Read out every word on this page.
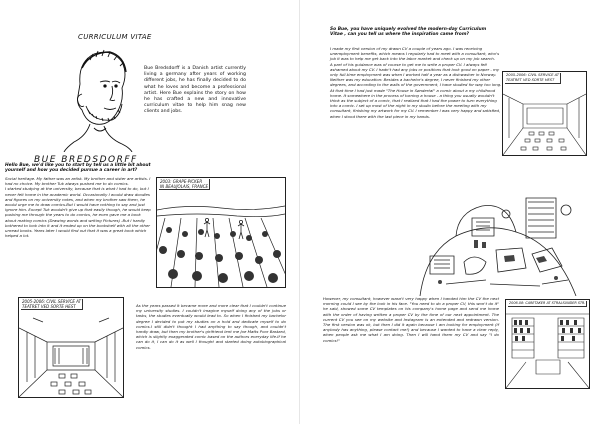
CURRICULUM VITAE
Bue Bredsdorff is a Danish artist currently living a germany after years of working different jobs, he has finally decided to do what he loves and become a professional artist. Here Bue explains the story on how he has crafted a new and innovative curriculum vitae to help him snag new clients and jobs.
BUE BREDSDORFF
Hello Bue, we'd like you to start by tell us a little bit about yourself and how you decided pursue a career in art?

Social heritage. My father was an artist. My brother and sister are artists. I had no choice. My brother Tuk always pushed me to do comics.

I started studying at the university, because that is what I had to do, but I never felt home in the academic world. Occasionally I would draw doodles and figures on my university notes, and when my brother saw them, he would urge me to draw comics.But I would have nothing to say and just ignore him. Except Tuk wouldn't give up that easily though, he would keep pushing me through the years to do comics, he even gave me a book about making comics (Drawing words and writing Pictures) .But I hardly bothered to look into it and it ended up on the bookshelf with all the other unread books. Years later I would find out that it was a great book which helped a lot.

2003: GRAPE-PICKER
IN BEAUJOLAIS, FRANCE
2005-2006: CIVIL SERVICE AT
TEATRET VED SORTE HEST	As the years passed it became more and more clear that I couldn't continue my university studies. I couldn't imagine myself doing any of the jobs or tasks, the studies eventually would lead to. So when I finished my bachelor degree I decided to put my studies on a hold and dedicate myself to do comics.I still didn't thought I had anything to say though, and couldn't hardly draw, but then my brother's girlfriend lent me Joe Matts Poor Bastard, which is slightly exaggerated comic based on the authors everyday life.If he can do it, I can do it as well I thought and started doing autobiographical comics.
So Bue, you have uniquely evolved the modern-day Curriculum Vitae , can you tell us where the inspiration came from?

I made my first version of my drawn CV a couple of years ago. I was receiving unemployment benefits, which means I regularly had to meet with a consultant, who's job it was to help me get back into the labor market and check up on my job search.

A part of his guidance was of course to get me to write a proper CV. I always felt ashamed about my CV. I hadn't had any jobs or positions that look good on paper - my only full-time employment was when I worked half a year as a dishwasher in Norway. Neither was my education: Besides a bachelor's degree, I never finished my other degrees, and according to the walls of the government, I have studied for way too long.

At that time I had just made "The House in Søndertal" a comic about a my childhood home. It somewhere in the process of turning a house - a thing you usually wouldn't think as the subject of a comic, that I realized that I had the power to turn everything into a comic. I set up most of the night in my studio before the meeting with my consultant, finishing my artwork for my CV. I remember I was very happy and satisfied, when I stood there with the last piece in my hands.

2005-2006: CIVIL SERVICE AT
TEATRET VED SORTE HEST
However, my consultant, however wasn't very happy when I handed him the CV the next morning could I see by the look in his face. "You need to do a proper CV, this won't do it" he said, showed some CV templates on his company's home page and send me home with the order of having written a proper CV by the time of our next appointment. The current CV you see on my website and Instagram is an extended and redrawn version. The first version was ok, but then I did it again because I am looking for employment (if anybody has anything, please contact me!) and because I wanted to have a clear reply, when people ask me what I am doing. Then I will hand them my CV and say "I do comics!"
2006-08: CARETAKER AT STRALSUNDER STR.
